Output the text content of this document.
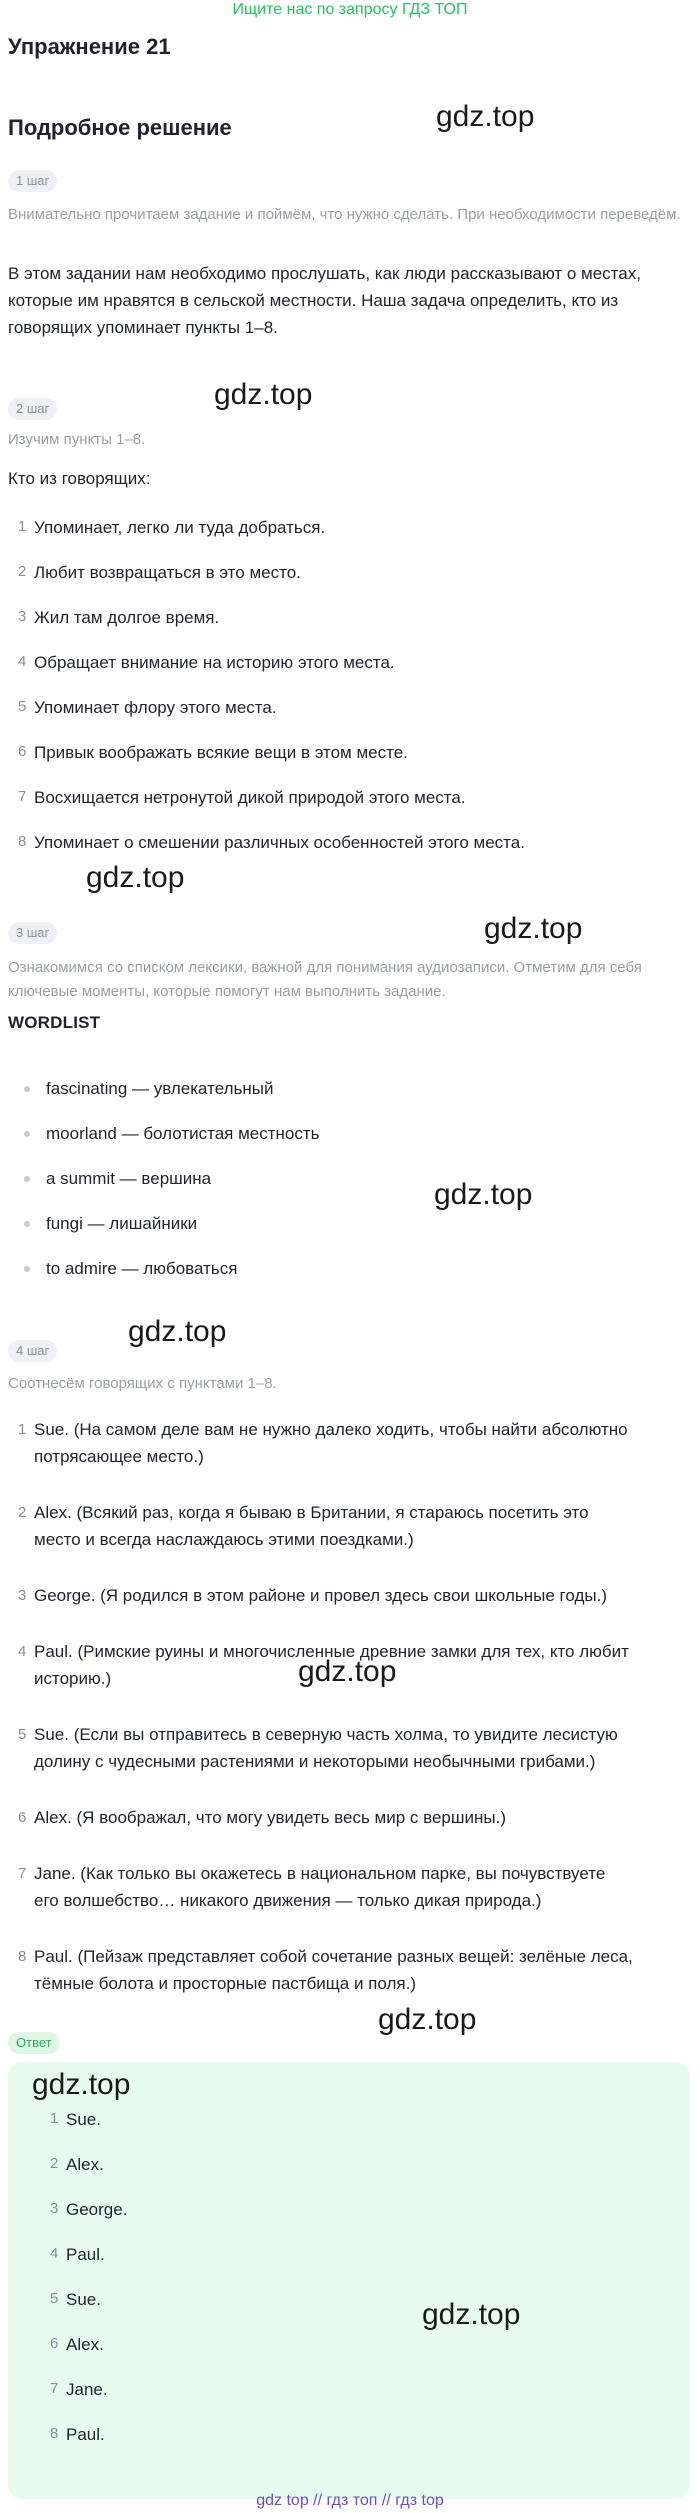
Ищите нас по запросу ГДЗ ТОП
Упражнение 21
Подробное решение	gdz.top
1 шаг
Внимательно прочитаем задание и поймём, что нужно сделать. При необходимости переведём.
В этом задании нам необходимо прослушать, как люди рассказывают о местах, которые им нравятся в сельской местности. Наша задача определить, кто из говорящих упоминает пункты 1–8.
gdz.top
2 шаг
Изучим пункты 1–8.
Кто из говорящих:
1 Упоминает, легко ли туда добраться.
2 Любит возвращаться в это место.
3 Жил там долгое время.
4 Обращает внимание на историю этого места.
5 Упоминает флору этого места.
6 Привык воображать всякие вещи в этом месте.
7 Восхищается нетронутой дикой природой этого места.
8 Упоминает о смешении различных особенностей этого места.
gdz.top
gdz.top
3 шаг
Ознакомимся со списком лексики, важной для понимания аудиозаписи. Отметим для себя ключевые моменты, которые помогут нам выполнить задание.
WORDLIST
fascinating — увлекательный
moorland — болотистая местность
a summit — вершина
fungi — лишайники
to admire — любоваться
gdz.top
gdz.top
4 шаг
Соотнесём говорящих с пунктами 1–8.
1 Sue. (На самом деле вам не нужно далеко ходить, чтобы найти абсолютно
потрясающее место.)
2 Alex. (Всякий раз, когда я бываю в Британии, я стараюсь посетить это
место и всегда наслаждаюсь этими поездками.)
3 George. (Я родился в этом районе и провел здесь свои школьные годы.)
4 Paul. (Римские руины и многочисленные древние замки для тех, кто любит
историю.)
5 Sue. (Если вы отправитесь в северную часть холма, то увидите лесистую
долину с чудесными растениями и некоторыми необычными грибами.)
6 Alex. (Я воображал, что могу увидеть весь мир с вершины.)
7 Jane. (Как только вы окажетесь в национальном парке, вы почувствуете
его волшебство… никакого движения — только дикая природа.)
8 Paul. (Пейзаж представляет собой сочетание разных вещей: зелёные леса,
тёмные болота и просторные пастбища и поля.)
gdz.top
gdz.top
Ответ
gdz.top
gdz.top
1 Sue.
2 Alex.
3 George.
4 Paul.
5 Sue.
6 Alex.
7 Jane.
8 Paul.
gdz top // гдз топ // гдз top
